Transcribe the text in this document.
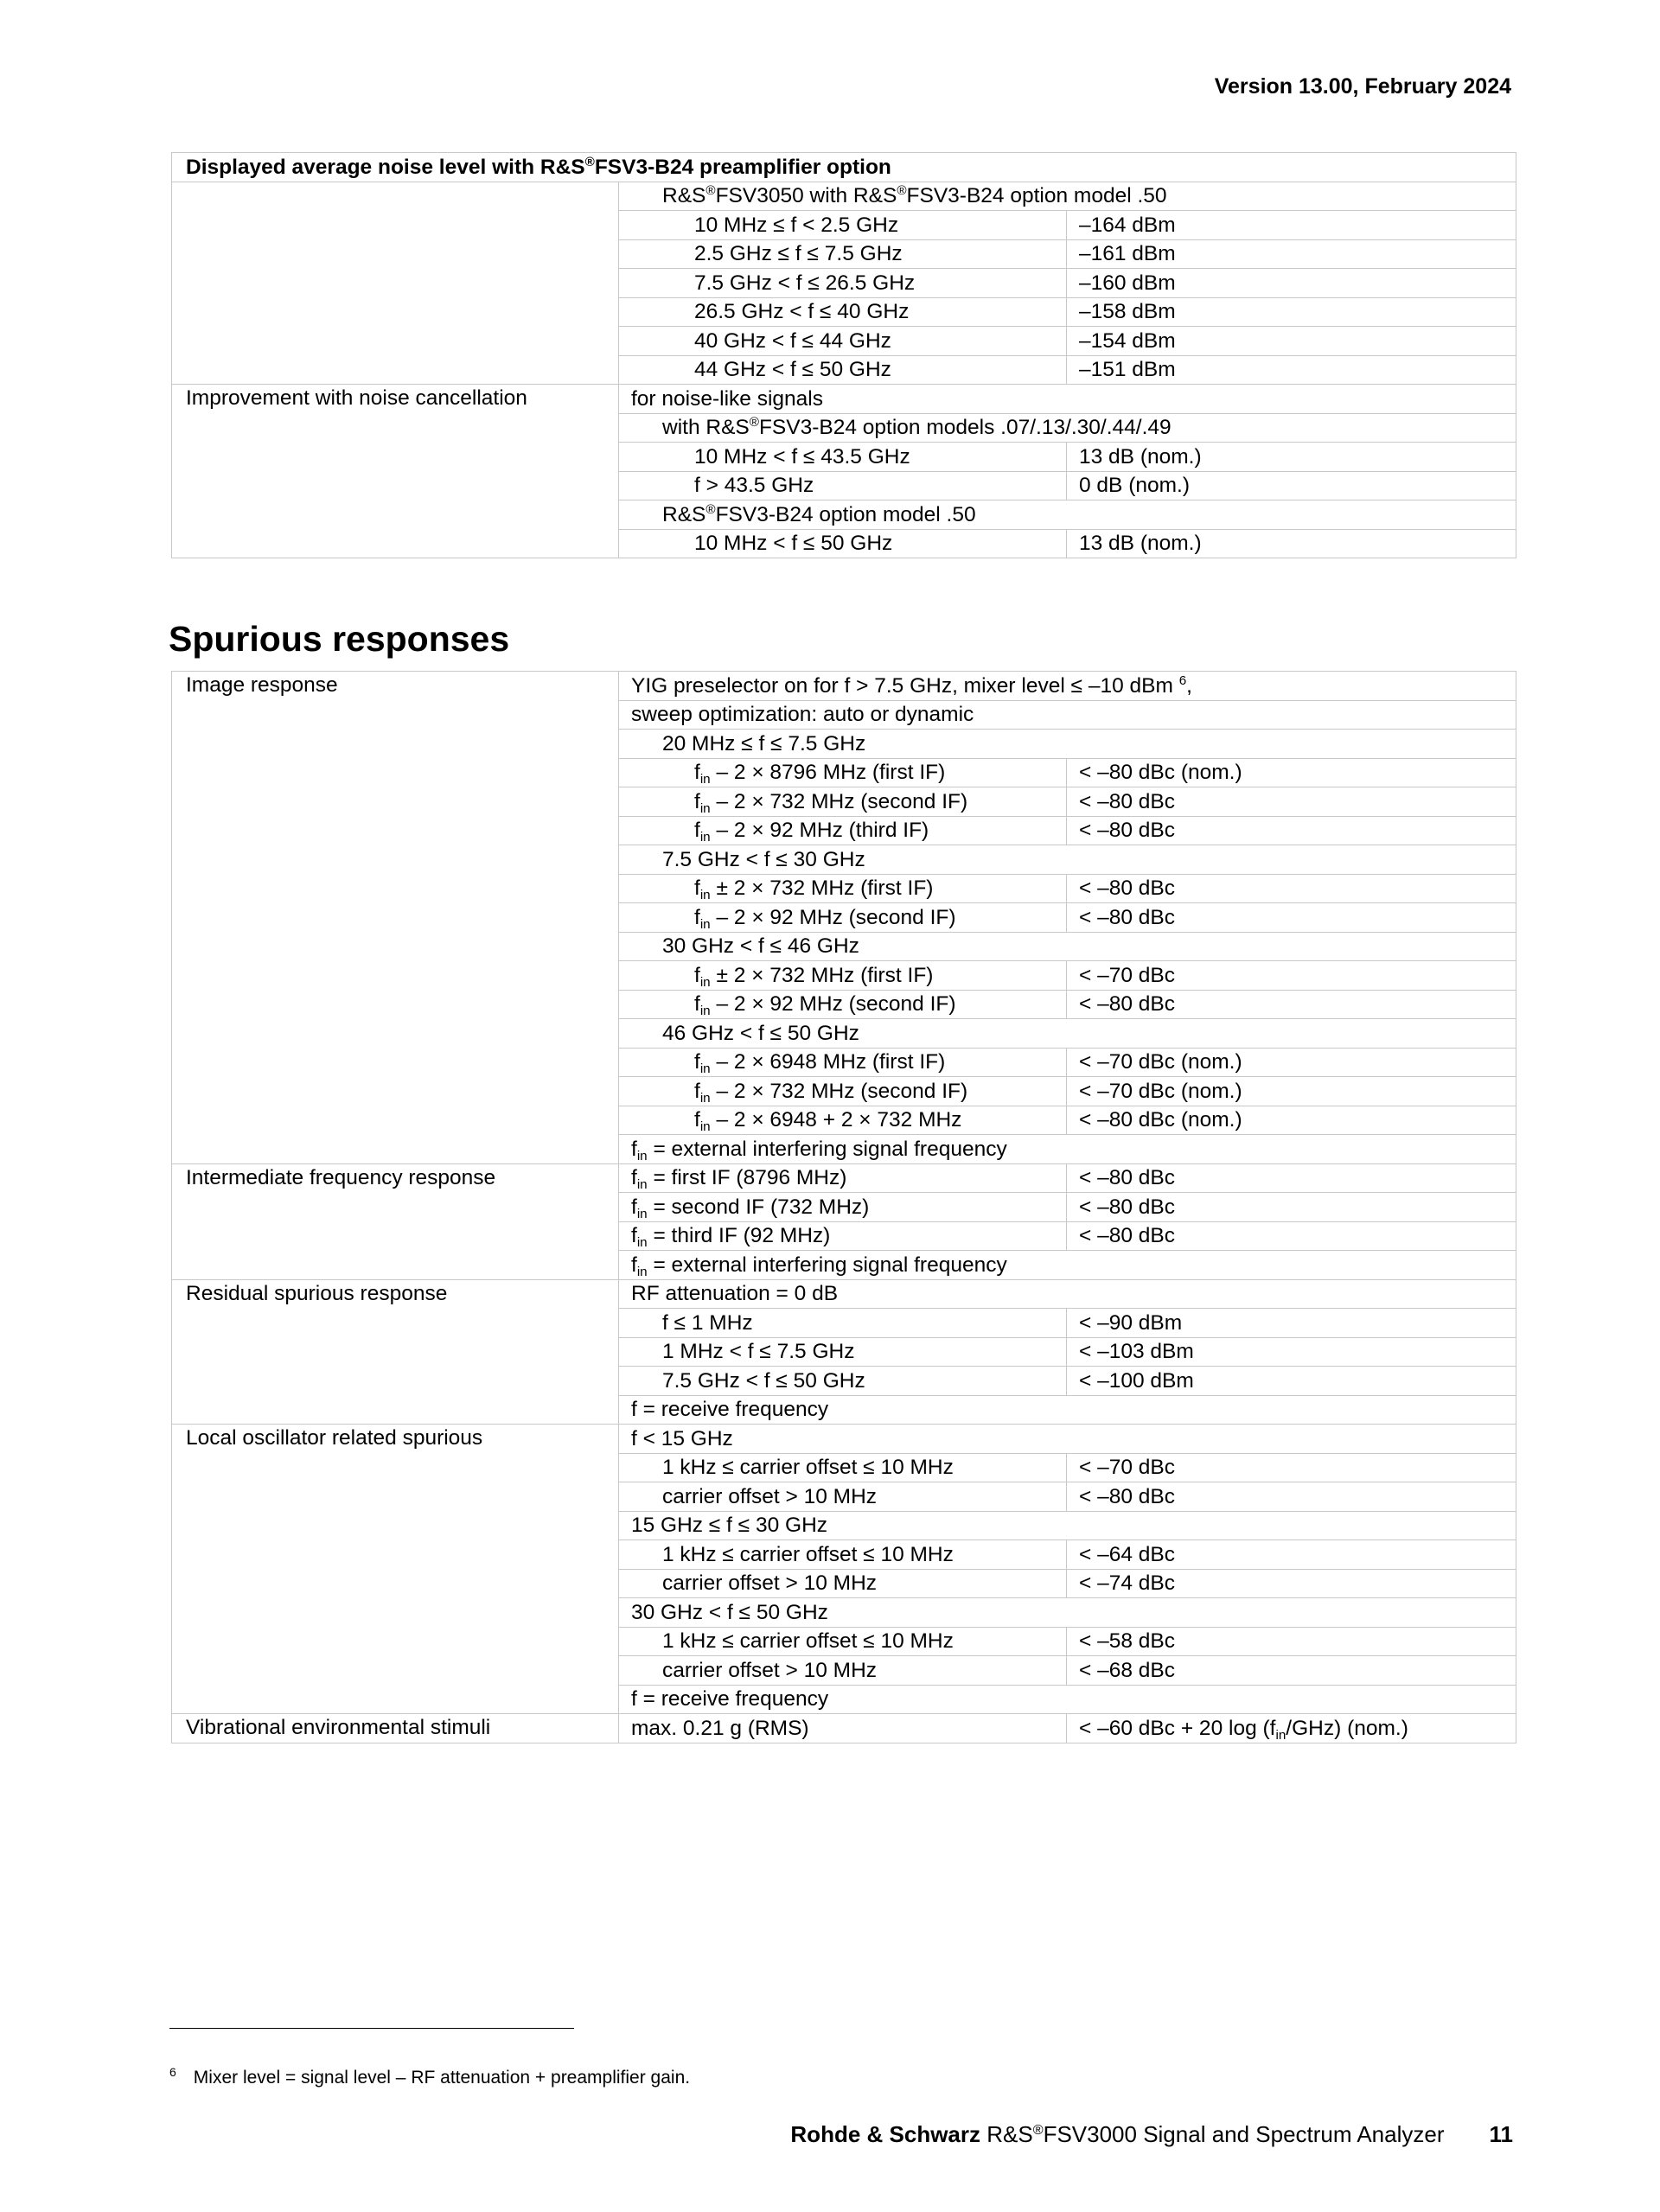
Version 13.00, February 2024
Displayed average noise level with R&S®FSV3-B24 preamplifier option		
	R&S®FSV3050 with R&S®FSV3-B24 option model .50	
	10 MHz ≤ f < 2.5 GHz	–164 dBm
	2.5 GHz ≤ f ≤ 7.5 GHz	–161 dBm
	7.5 GHz < f ≤ 26.5 GHz	–160 dBm
	26.5 GHz < f ≤ 40 GHz	–158 dBm
	40 GHz < f ≤ 44 GHz	–154 dBm
	44 GHz < f ≤ 50 GHz	–151 dBm
Improvement with noise cancellation	for noise-like signals	
	with R&S®FSV3-B24 option models .07/.13/.30/.44/.49	
	10 MHz < f ≤ 43.5 GHz	13 dB (nom.)
	f > 43.5 GHz	0 dB (nom.)
	R&S®FSV3-B24 option model .50	
	10 MHz < f ≤ 50 GHz	13 dB (nom.)
Spurious responses
Image response	YIG preselector on for f > 7.5 GHz, mixer level ≤ –10 dBm $^6$,	
	sweep optimization: auto or dynamic	
	20 MHz ≤ f ≤ 7.5 GHz	
	$f_{in} - 2 \times 8796$ MHz (first IF)	< –80 dBc (nom.)
	$f_{in} - 2 \times 732$ MHz (second IF)	< –80 dBc
	$f_{in} - 2 \times 92$ MHz (third IF)	< –80 dBc
	7.5 GHz < f ≤ 30 GHz	
	$f_{in} \pm 2 \times 732$ MHz (first IF)	< –80 dBc
	$f_{in} - 2 \times 92$ MHz (second IF)	< –80 dBc
	30 GHz < f ≤ 46 GHz	
	$f_{in} \pm 2 \times 732$ MHz (first IF)	< –70 dBc
	$f_{in} - 2 \times 92$ MHz (second IF)	< –80 dBc
	46 GHz < f ≤ 50 GHz	
	$f_{in} - 2 \times 6948$ MHz (first IF)	< –70 dBc (nom.)
	$f_{in} - 2 \times 732$ MHz (second IF)	< –70 dBc (nom.)
	$f_{in} - 2 \times 6948 + 2 \times 732$ MHz	< –80 dBc (nom.)
	$f_{in}$ = external interfering signal frequency	
Intermediate frequency response	$f_{in}$ = first IF (8796 MHz)	< –80 dBc
	$f_{in}$ = second IF (732 MHz)	< –80 dBc
	$f_{in}$ = third IF (92 MHz)	< –80 dBc
	$f_{in}$ = external interfering signal frequency	
Residual spurious response	RF attenuation = 0 dB	
	f ≤ 1 MHz	< –90 dBm
	1 MHz < f ≤ 7.5 GHz	< –103 dBm
	7.5 GHz < f ≤ 50 GHz	< –100 dBm
	f = receive frequency	
Local oscillator related spurious	f < 15 GHz	
	1 kHz ≤ carrier offset ≤ 10 MHz	< –70 dBc
	carrier offset > 10 MHz	< –80 dBc
	15 GHz ≤ f ≤ 30 GHz	
	1 kHz ≤ carrier offset ≤ 10 MHz	< –64 dBc
	carrier offset > 10 MHz	< –74 dBc
	30 GHz < f ≤ 50 GHz	
	1 kHz ≤ carrier offset ≤ 10 MHz	< –58 dBc
	carrier offset > 10 MHz	< –68 dBc
	f = receive frequency	
Vibrational environmental stimuli	max. 0.21 g (RMS)	< –60 dBc + 20 $\log (f_{in}/GHz)$ (nom.)
$^6$ Mixer level = signal level – RF attenuation + preamplifier gain.
Rohde & Schwarz R&S®FSV3000 Signal and Spectrum Analyzer 11
